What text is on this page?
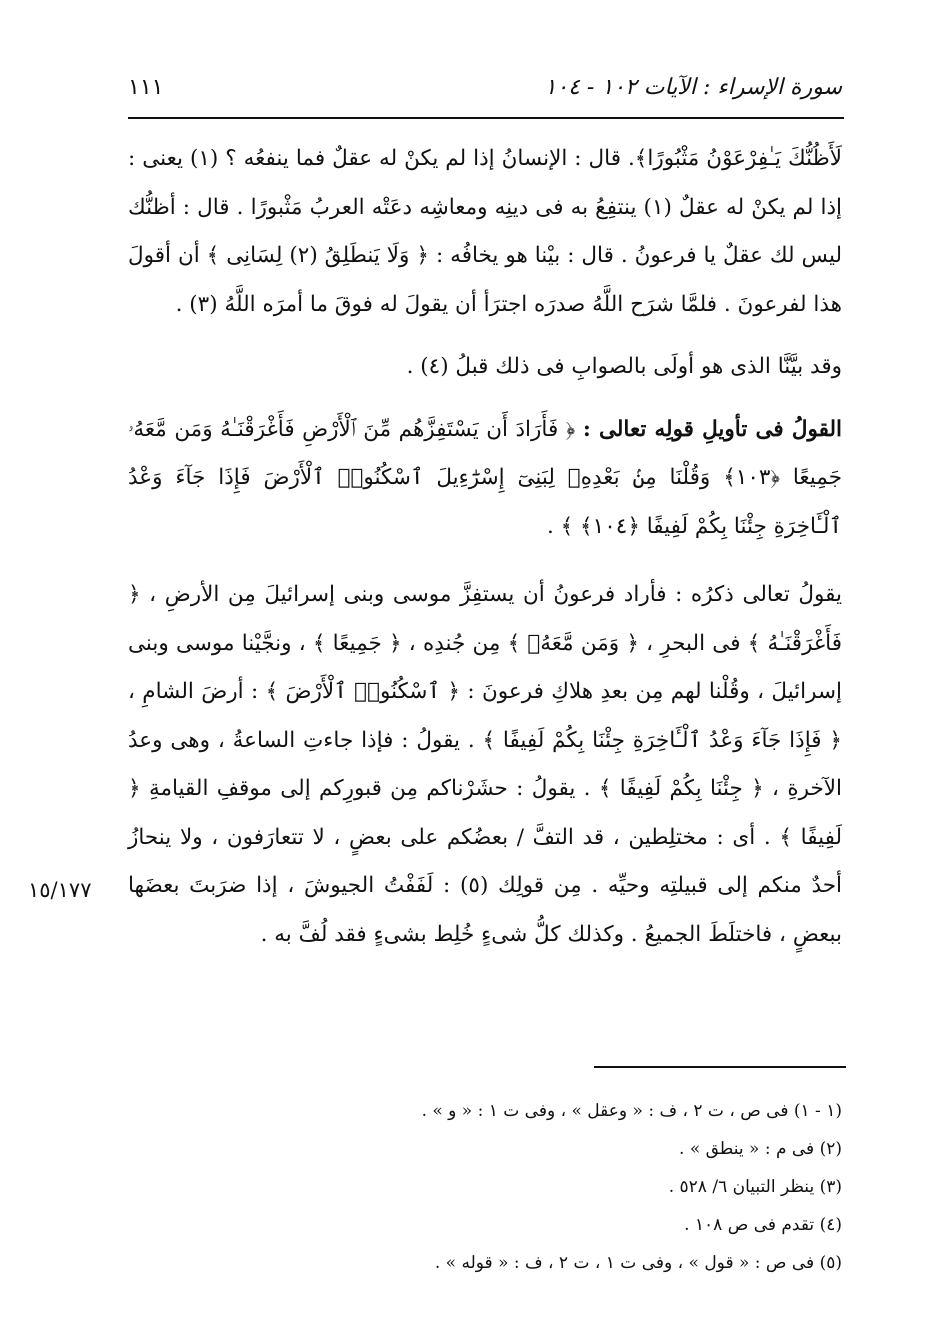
سورة الإسراء : الآيات ١٠٢ - ١٠٤
١١١

لَأَظُنُّكَ يَـٰفِرْعَوْنُ مَثْبُورًا﴾. قال : الإنسانُ إذا لم يكنْ له عقلٌ فما ينفعُه ؟ (١) يعنى : إذا لم يكنْ له عقلٌ (١) ينتفِعُ به فى دينِه ومعاشِه دعَتْه العربُ مَثْبورًا . قال : أظنُّك ليس لك عقلٌ يا فرعونُ . قال : بيْنا هو يخافُه : ﴿ وَلَا يَنطَلِقُ (٢) لِسَانِى ﴾ أن أقولَ هذا لفرعونَ . فلمَّا شرَح اللَّهُ صدرَه اجترَأ أن يقولَ له فوقَ ما أمرَه اللَّهُ (٣) .

وقد بيَّنَّا الذى هو أولَى بالصوابِ فى ذلك قبلُ (٤) .

القولُ فى تأويلِ قولِه تعالى : ﴿ فَأَرَادَ أَن يَسْتَفِزَّهُم مِّنَ ٱلْأَرْضِ فَأَغْرَقْنَـٰهُ وَمَن مَّعَهُۥ جَمِيعًا ﴿١٠٣﴾ وَقُلْنَا مِنۢ بَعْدِهِۦ لِبَنِىٓ إِسْرَٰٓءِيلَ ٱسْكُنُوا۟ ٱلْأَرْضَ فَإِذَا جَآءَ وَعْدُ ٱلْـَٔاخِرَةِ جِئْنَا بِكُمْ لَفِيفًا ﴿١٠٤﴾ ﴾ .

يقولُ تعالى ذكرُه : فأراد فرعونُ أن يستفِزَّ موسى وبنى إسرائيلَ مِن الأرضِ ، ﴿ فَأَغْرَقْنَـٰهُ ﴾ فى البحرِ ، ﴿ وَمَن مَّعَهُۥ ﴾ مِن جُندِه ، ﴿ جَمِيعًا ﴾ ، ونجَّيْنا موسى وبنى إسرائيلَ ، وقُلْنا لهم مِن بعدِ هلاكِ فرعونَ : ﴿ ٱسْكُنُوا۟ ٱلْأَرْضَ ﴾ : أرضَ الشامِ ، ﴿ فَإِذَا جَآءَ وَعْدُ ٱلْـَٔاخِرَةِ جِئْنَا بِكُمْ لَفِيفًا ﴾ . يقولُ : فإذا جاءتِ الساعةُ ، وهى وعدُ الآخرةِ ، ﴿ جِئْنَا بِكُمْ لَفِيفًا ﴾ . يقولُ : حشَرْناكم مِن قبورِكم إلى موقفِ القيامةِ ﴿ لَفِيفًا ﴾ . أى : مختلِطين ، قد التفَّ / بعضُكم على بعضٍ ، لا تتعارَفون ، ولا ينحازُ أحدٌ منكم إلى قبيلتِه وحيِّه . مِن قولِك (٥) : لَفَفْتُ الجيوشَ ، إذا ضرَبتَ بعضَها ببعضٍ ، فاختلَطَ الجميعُ . وكذلك كلُّ شىءٍ خُلِط بشىءٍ فقد لُفَّ به .

١٥/١٧٧

(١ - ١) فى ص ، ت ٢ ، ف : « وعقل » ، وفى ت ١ : « و » .

(٢) فى م : « ينطق » .

(٣) ينظر التبيان ٦/ ٥٢٨ .

(٤) تقدم فى ص ١٠٨ .

(٥) فى ص : « قول » ، وفى ت ١ ، ت ٢ ، ف : « قوله » .
